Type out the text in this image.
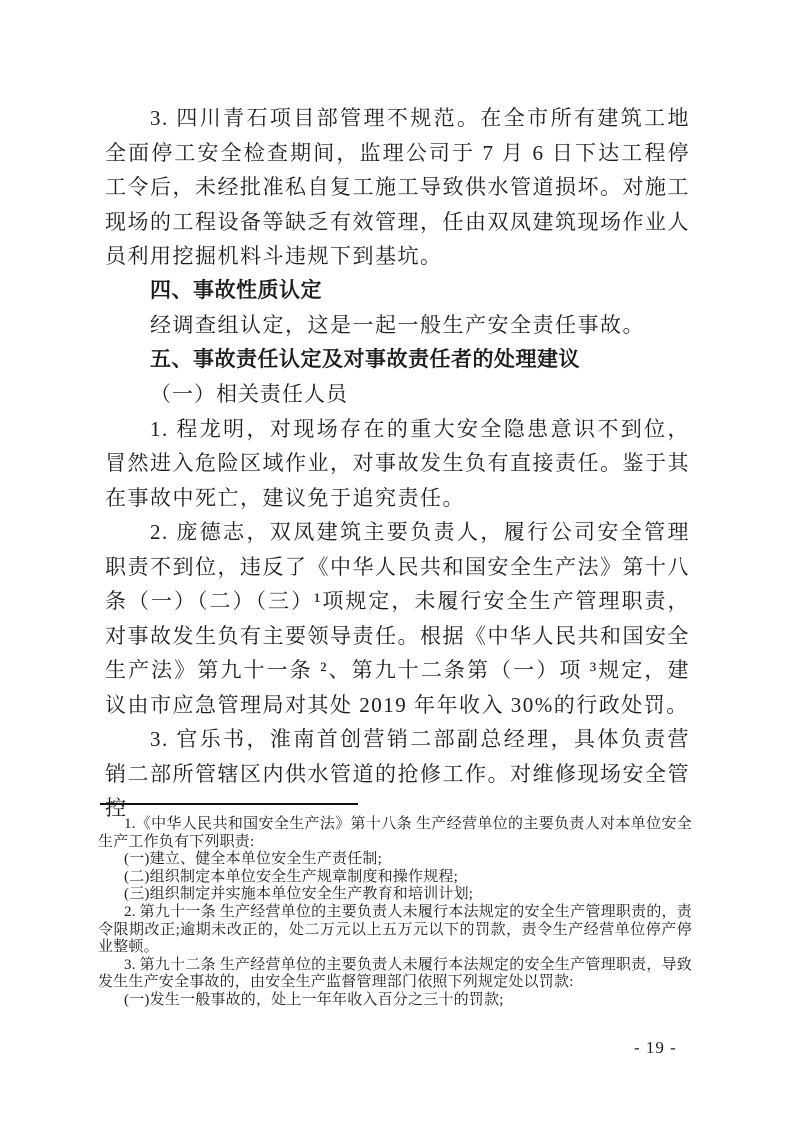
3. 四川青石项目部管理不规范。在全市所有建筑工地全面停工安全检查期间，监理公司于 7 月 6 日下达工程停工令后，未经批准私自复工施工导致供水管道损坏。对施工现场的工程设备等缺乏有效管理，任由双凤建筑现场作业人员利用挖掘机料斗违规下到基坑。

四、事故性质认定

经调查组认定，这是一起一般生产安全责任事故。

五、事故责任认定及对事故责任者的处理建议

（一）相关责任人员

1. 程龙明，对现场存在的重大安全隐患意识不到位，冒然进入危险区域作业，对事故发生负有直接责任。鉴于其在事故中死亡，建议免于追究责任。

2. 庞德志，双凤建筑主要负责人，履行公司安全管理职责不到位，违反了《中华人民共和国安全生产法》第十八条（一）（二）（三）¹项规定，未履行安全生产管理职责，对事故发生负有主要领导责任。根据《中华人民共和国安全生产法》第九十一条 ²、第九十二条第（一）项 ³规定，建议由市应急管理局对其处 2019 年年收入 30%的行政处罚。

3. 官乐书，淮南首创营销二部副总经理，具体负责营销二部所管辖区内供水管道的抢修工作。对维修现场安全管控

1.《中华人民共和国安全生产法》第十八条 生产经营单位的主要负责人对本单位安全生产工作负有下列职责:

(一)建立、健全本单位安全生产责任制;

(二)组织制定本单位安全生产规章制度和操作规程;

(三)组织制定并实施本单位安全生产教育和培训计划;

2. 第九十一条 生产经营单位的主要负责人未履行本法规定的安全生产管理职责的，责令限期改正;逾期未改正的，处二万元以上五万元以下的罚款，责令生产经营单位停产停业整顿。

3. 第九十二条 生产经营单位的主要负责人未履行本法规定的安全生产管理职责，导致发生生产安全事故的，由安全生产监督管理部门依照下列规定处以罚款:

(一)发生一般事故的，处上一年年收入百分之三十的罚款;

- 19 -
